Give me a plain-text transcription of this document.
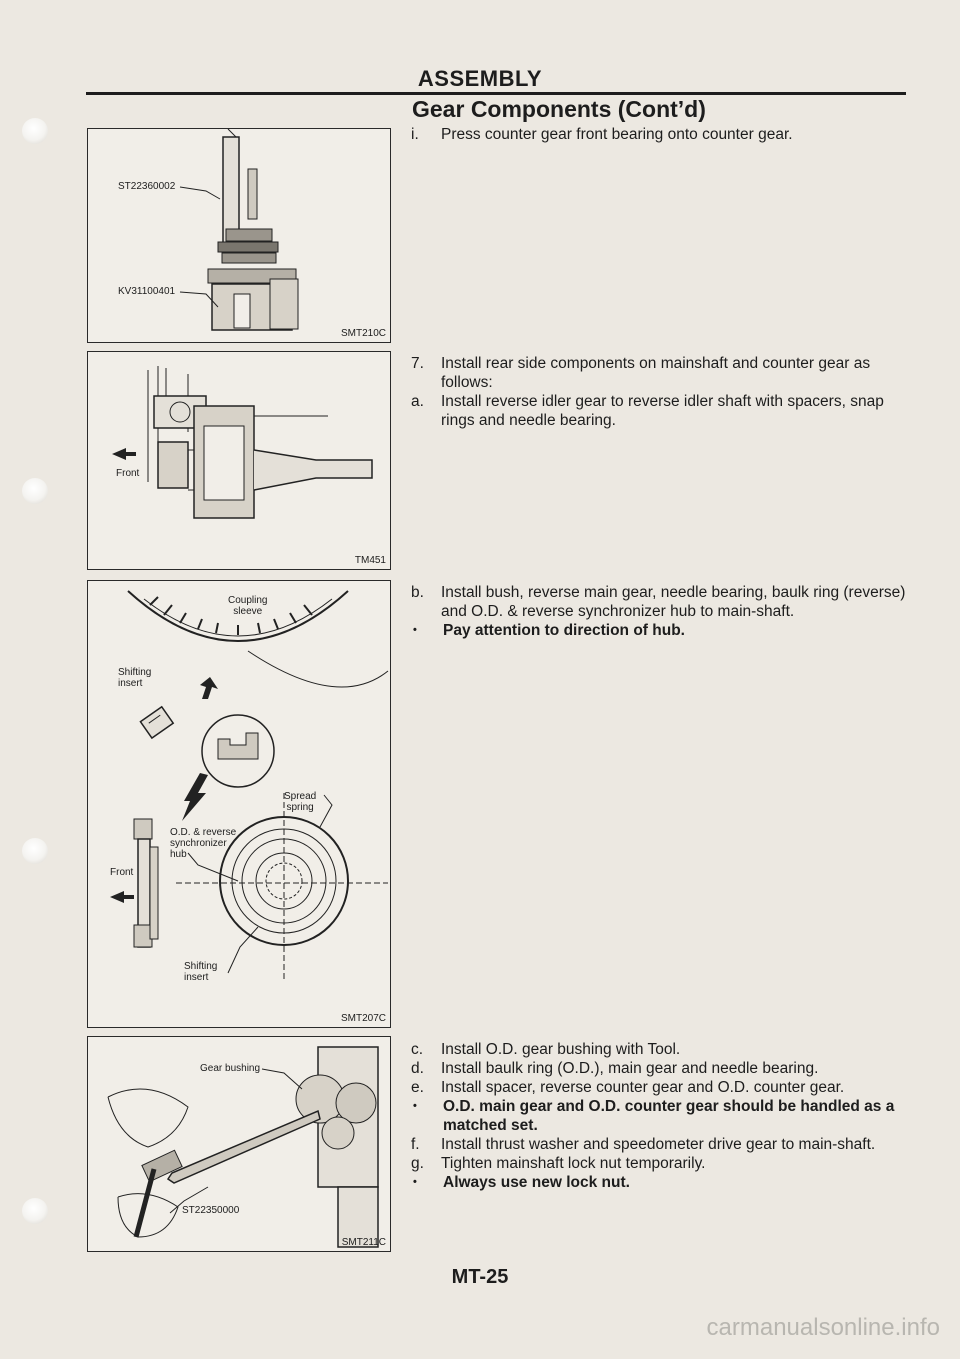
ASSEMBLY
Gear Components (Cont’d)
ST22360002
KV31100401
SMT210C
Front
TM451
Coupling
sleeve
Shifting
insert
O.D. & reverse
synchronizer
hub
Spread
spring
Front
Shifting
insert
SMT207C
Gear bushing
ST22350000
SMT211C
i.	Press counter gear front bearing onto counter gear.
7.	Install rear side components on mainshaft and counter gear as follows:
a.	Install reverse idler gear to reverse idler shaft with spacers, snap rings and needle bearing.
b.	Install bush, reverse main gear, needle bearing, baulk ring (reverse) and O.D. & reverse synchronizer hub to main-shaft.
•	Pay attention to direction of hub.
c.	Install O.D. gear bushing with Tool.
d.	Install baulk ring (O.D.), main gear and needle bearing.
e.	Install spacer, reverse counter gear and O.D. counter gear.
•	O.D. main gear and O.D. counter gear should be handled as a matched set.
f.	Install thrust washer and speedometer drive gear to main-shaft.
g.	Tighten mainshaft lock nut temporarily.
•	Always use new lock nut.
MT-25
carmanualsonline.info
